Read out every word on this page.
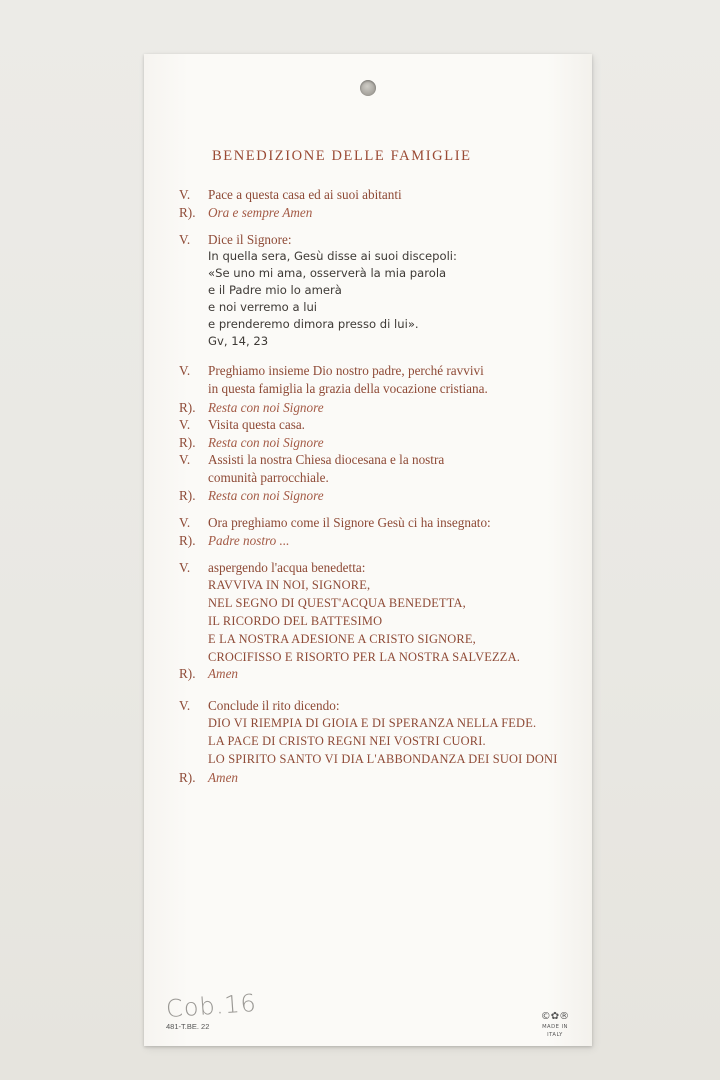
BENEDIZIONE DELLE FAMIGLIE
V.	Pace a questa casa ed ai suoi abitanti
R). Ora e sempre Amen
V.	Dice il Signore:
In quella sera, Gesù disse ai suoi discepoli:
«Se uno mi ama, osserverà la mia parola
e il Padre mio lo amerà
e noi verremo a lui
e prenderemo dimora presso di lui».
Gv, 14, 23
V.	Preghiamo insieme Dio nostro padre, perché ravvivi
in questa famiglia la grazia della vocazione cristiana.
R). Resta con noi Signore
V.	Visita questa casa.
R). Resta con noi Signore
V.	Assisti la nostra Chiesa diocesana e la nostra
comunità parrocchiale.
R). Resta con noi Signore
V.	Ora preghiamo come il Signore Gesù ci ha insegnato:
R). Padre nostro ...
V.	aspergendo l'acqua benedetta:
RAVVIVA IN NOI, SIGNORE,
NEL SEGNO DI QUEST'ACQUA BENEDETTA,
IL RICORDO DEL BATTESIMO
E LA NOSTRA ADESIONE A CRISTO SIGNORE,
CROCIFISSO E RISORTO PER LA NOSTRA SALVEZZA.
R). Amen
V.	Conclude il rito dicendo:
DIO VI RIEMPIA DI GIOIA E DI SPERANZA NELLA FEDE.
LA PACE DI CRISTO REGNI NEI VOSTRI CUORI.
LO SPIRITO SANTO VI DIA L'ABBONDANZA DEI SUOI DONI
R). Amen
Cob.16
481-T.BE. 22
©✿®
MADE IN ITALY
